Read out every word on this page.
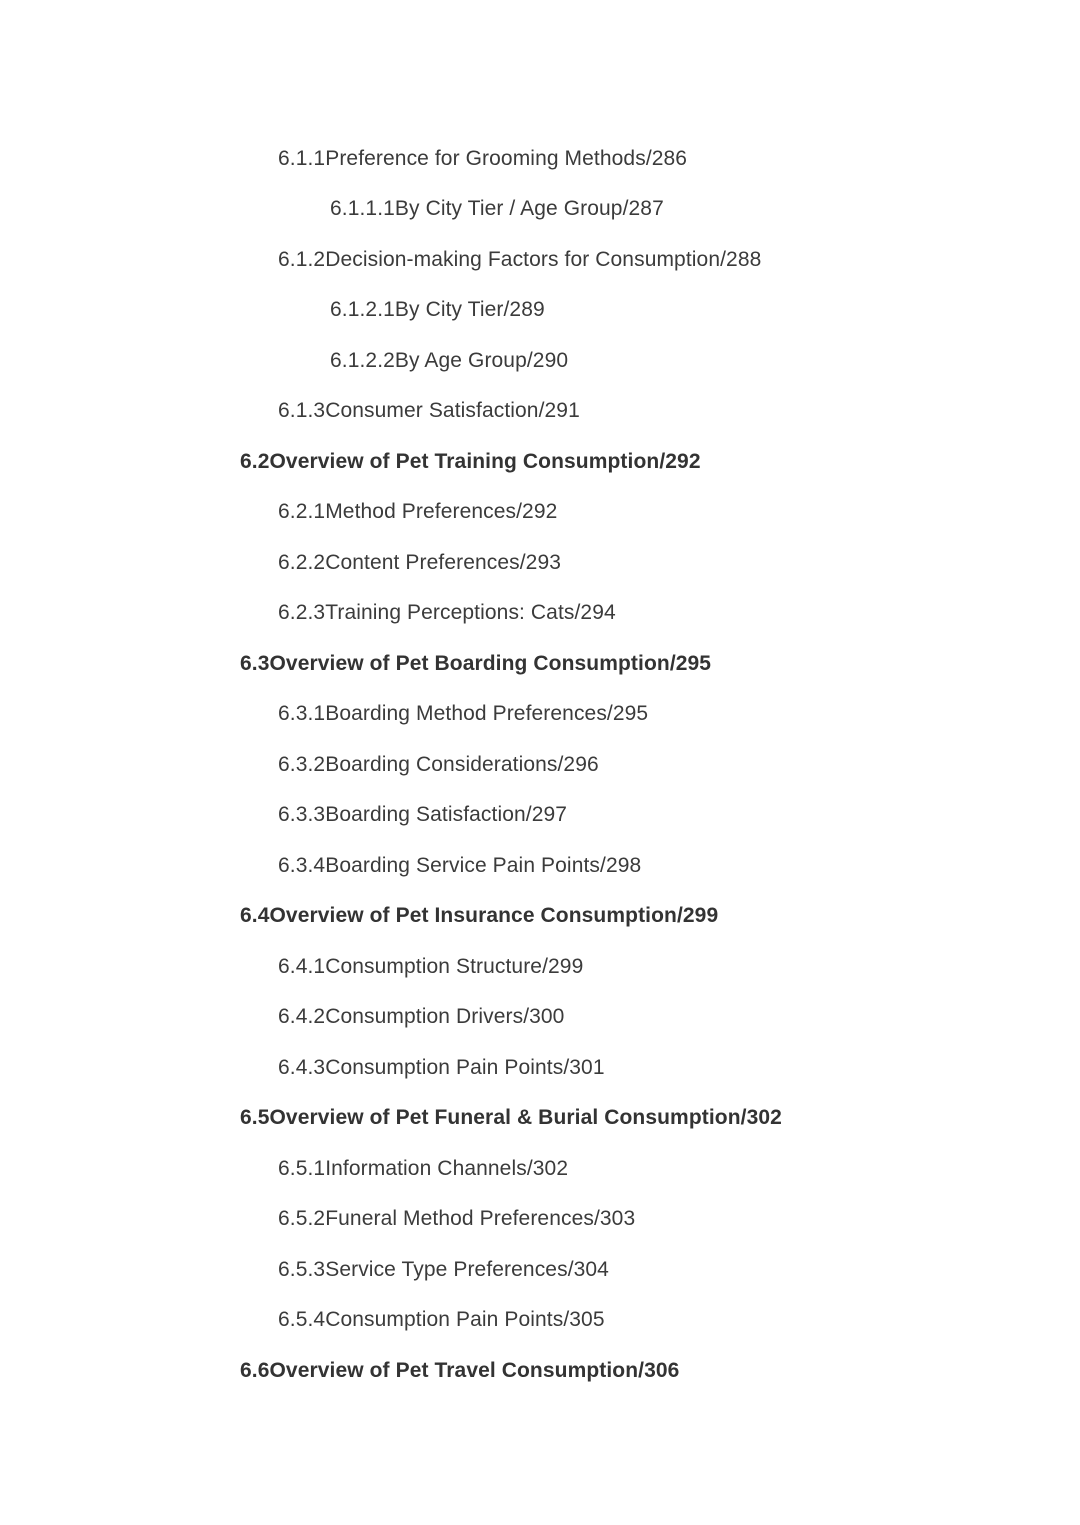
6.1.1 Preference for Grooming Methods /286
6.1.1.1 By City Tier / Age Group /287
6.1.2 Decision-making Factors for Consumption /288
6.1.2.1 By City Tier /289
6.1.2.2 By Age Group /290
6.1.3 Consumer Satisfaction /291
6.2 Overview of Pet Training Consumption /292
6.2.1 Method Preferences /292
6.2.2 Content Preferences /293
6.2.3 Training Perceptions: Cats /294
6.3 Overview of Pet Boarding Consumption /295
6.3.1 Boarding Method Preferences /295
6.3.2 Boarding Considerations /296
6.3.3 Boarding Satisfaction /297
6.3.4 Boarding Service Pain Points /298
6.4 Overview of Pet Insurance Consumption /299
6.4.1 Consumption Structure /299
6.4.2 Consumption Drivers /300
6.4.3 Consumption Pain Points /301
6.5 Overview of Pet Funeral & Burial Consumption /302
6.5.1 Information Channels /302
6.5.2 Funeral Method Preferences /303
6.5.3 Service Type Preferences /304
6.5.4 Consumption Pain Points /305
6.6 Overview of Pet Travel Consumption /306
